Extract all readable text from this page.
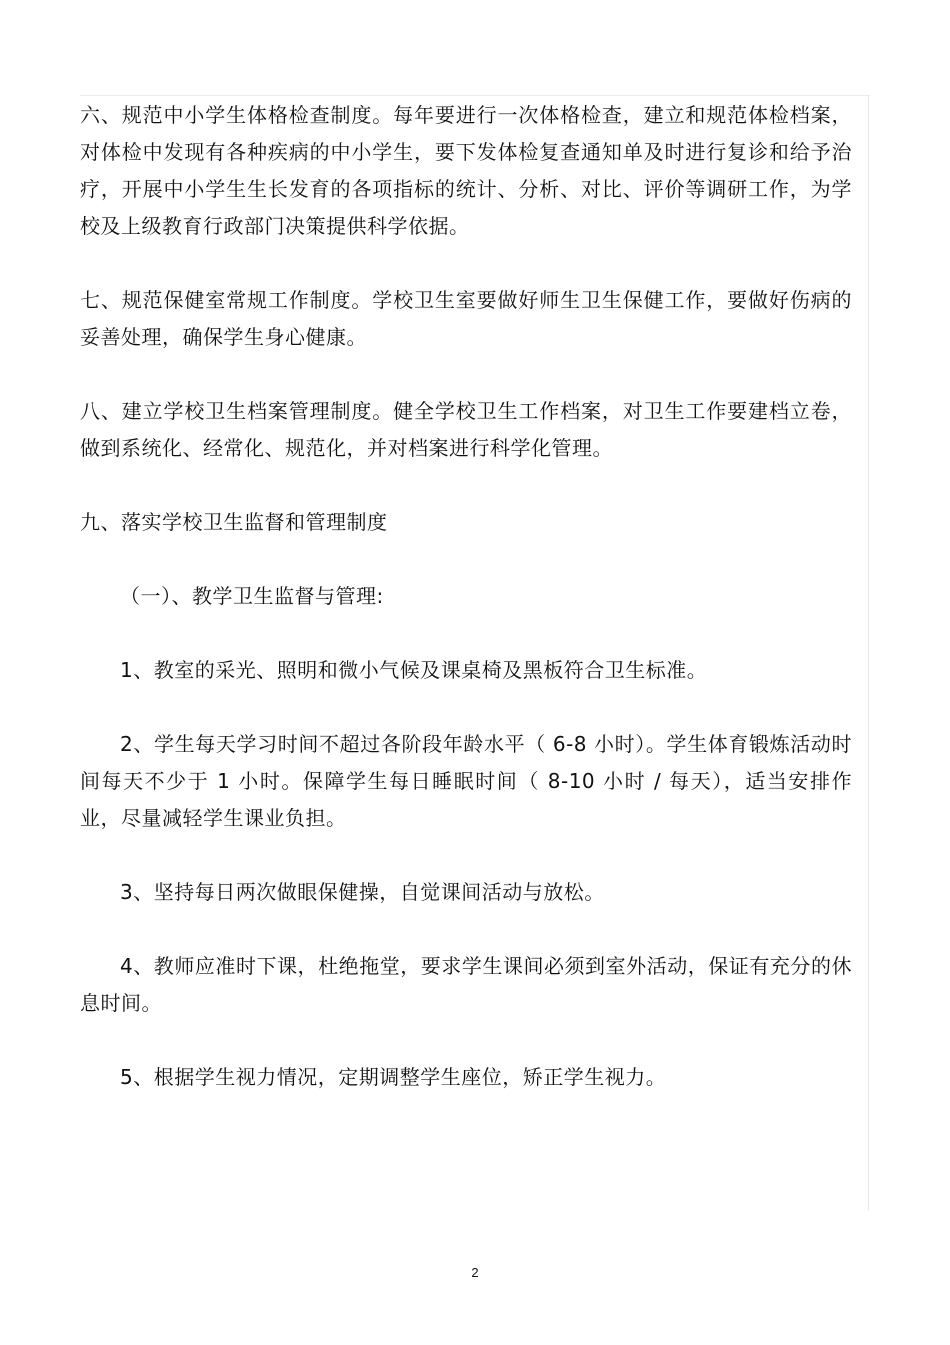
六、规范中小学生体格检查制度。每年要进行一次体格检查，建立和规范体检档案，对体检中发现有各种疾病的中小学生，要下发体检复查通知单及时进行复诊和给予治疗，开展中小学生生长发育的各项指标的统计、分析、对比、评价等调研工作，为学校及上级教育行政部门决策提供科学依据。

七、规范保健室常规工作制度。学校卫生室要做好师生卫生保健工作，要做好伤病的妥善处理，确保学生身心健康。

八、建立学校卫生档案管理制度。健全学校卫生工作档案，对卫生工作要建档立卷，做到系统化、经常化、规范化，并对档案进行科学化管理。

九、落实学校卫生监督和管理制度

（一）、教学卫生监督与管理:

1、教室的采光、照明和微小气候及课桌椅及黑板符合卫生标准。

2、学生每天学习时间不超过各阶段年龄水平（ 6-8 小时）。学生体育锻炼活动时间每天不少于 1 小时。保障学生每日睡眠时间（ 8-10 小时 / 每天），适当安排作业，尽量减轻学生课业负担。

3、坚持每日两次做眼保健操，自觉课间活动与放松。

4、教师应准时下课，杜绝拖堂，要求学生课间必须到室外活动，保证有充分的休息时间。

5、根据学生视力情况，定期调整学生座位，矫正学生视力。

2
